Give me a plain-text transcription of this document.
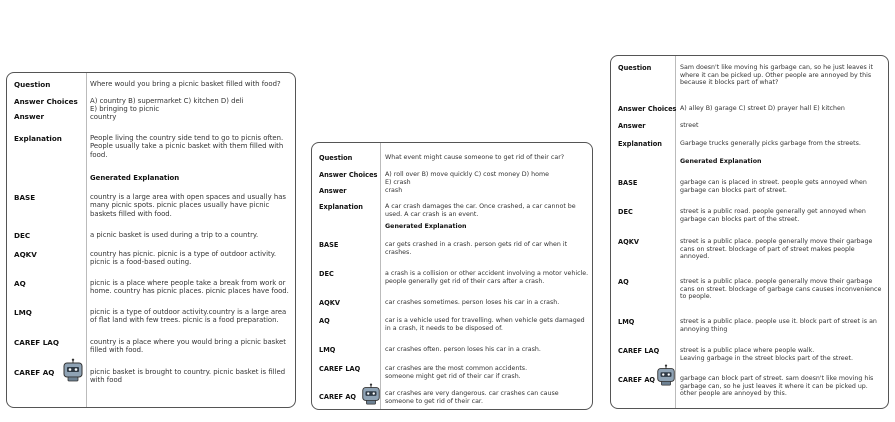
Question	Where would you bring a picnic basket filled with food?
Answer Choices A) country B) supermarket C) kitchen D) deli
E) bringing to picnic
Answer	country
Explanation	People living the country side tend to go to picnis often. People usually take a picnic basket with them filled with food.
Generated Explanation
BASE	country is a large area with open spaces and usually has many picnic spots. picnic places usually have picnic baskets filled with food.
DEC	a picnic basket is used during a trip to a country.
AQKV	country has picnic. picnic is a type of outdoor activity. picnic is a food-based outing.
AQ	picnic is a place where people take a break from work or home. country has picnic places. picnic places have food.
LMQ	picnic is a type of outdoor activity.country is a large area of flat land with few trees. picnic is a food preparation.
CAREF LAQ	country is a place where you would bring a picnic basket filled with food.
CAREF AQ	picnic basket is brought to country. picnic basket is filled with food
Question	What event might cause someone to get rid of their car?
Answer Choices A) roll over B) move quickly C) cost money D) home
E) crash
Answer	crash
Explanation	A car crash damages the car. Once crashed, a car cannot be used. A car crash is an event.
Generated Explanation
BASE	car gets crashed in a crash. person gets rid of car when it crashes.
DEC	a crash is a collision or other accident involving a motor vehicle. people generally get rid of their cars after a crash.
AQKV	car crashes sometimes. person loses his car in a crash.
AQ	car is a vehicle used for travelling. when vehicle gets damaged in a crash, it needs to be disposed of.
LMQ	car crashes often. person loses his car in a crash.
CAREF LAQ	car crashes are the most common accidents.
someone might get rid of their car if crash.
CAREF AQ	car crashes are very dangerous. car crashes can cause someone to get rid of their car.
Question	Sam doesn't like moving his garbage can, so he just leaves it where it can be picked up. Other people are annoyed by this because it blocks part of what?
Answer Choices A) alley B) garage C) street D) prayer hall E) kitchen
Answer	street
Explanation	Garbage trucks generally picks garbage from the streets.
Generated Explanation
BASE	garbage can is placed in street. people gets annoyed when garbage can blocks part of street.
DEC	street is a public road. people generally get annoyed when garbage can blocks part of the street.
AQKV	street is a public place. people generally move their garbage cans on street. blockage of part of street makes people annoyed.
AQ	street is a public place. people generally move their garbage cans on street. blockage of garbage cans causes inconvenience to people.
LMQ	street is a public place. people use it. block part of street is an annoying thing
CAREF LAQ	street is a public place where people walk.
Leaving garbage in the street blocks part of the street.
CAREF AQ	garbage can block part of street. sam doesn't like moving his garbage can, so he just leaves it where it can be picked up. other people are annoyed by this.
